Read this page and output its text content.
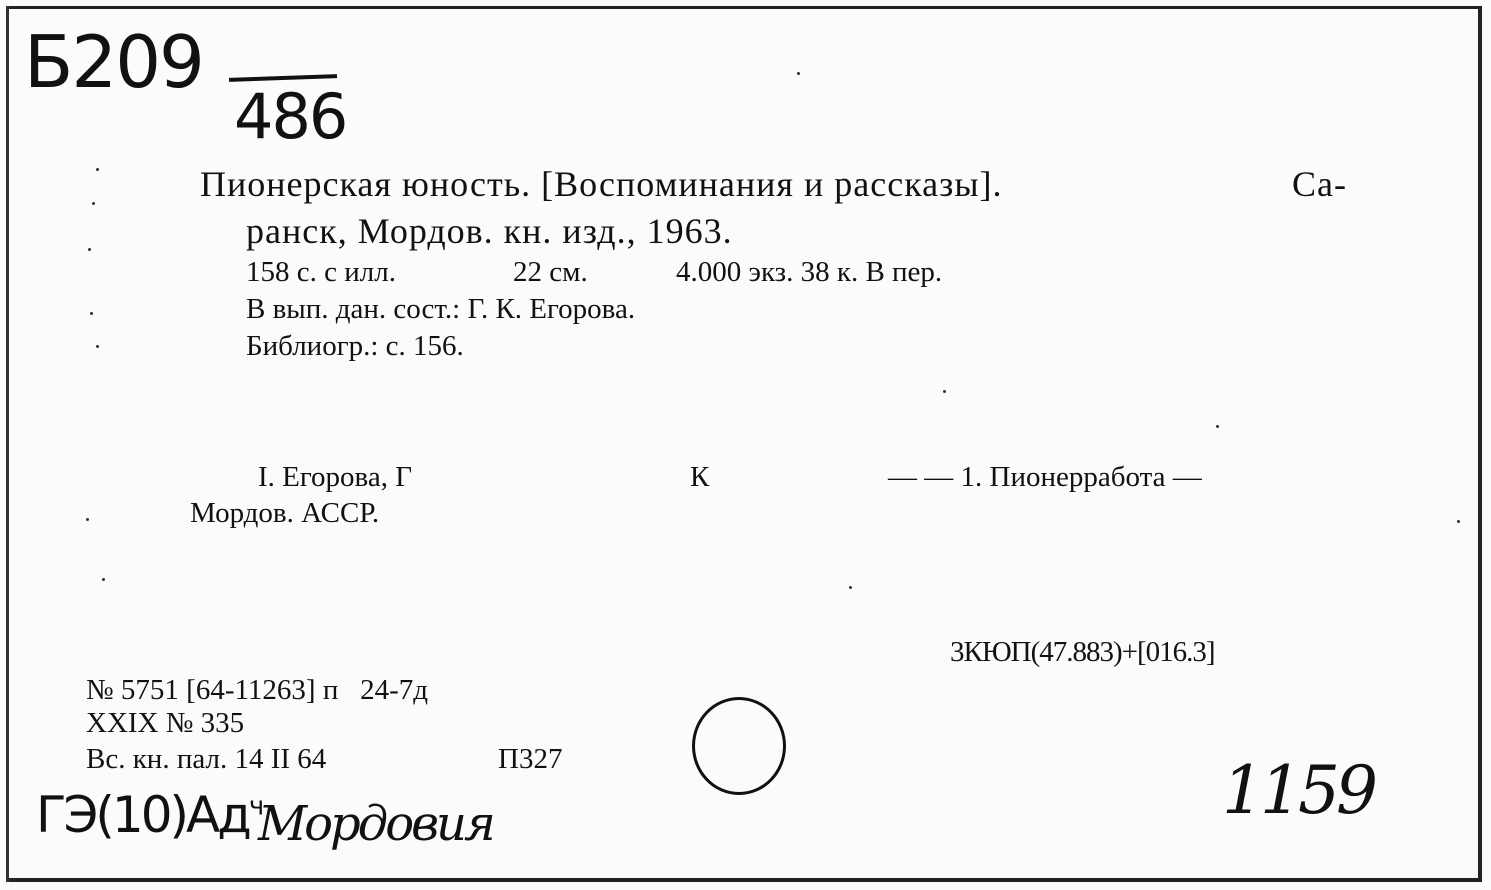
Б209
486
Пионерская юность. [Воспоминания и рассказы].	Са-
ранск, Мордов. кн. изд., 1963.
158 с. с илл.	22 см.	4.000 экз. 38 к. В пер.
В вып. дан. сост.: Г. К. Егорова.
Библиогр.: с. 156.
I. Егорова, Г	К	— — 1. Пионерработа —
Мордов. АССР.
3КЮП(47.883)+[016.3]
№ 5751 [64-11263] п   24-7д
XXIX № 335
Вс. кн. пал. 14 II 64	П327
$ГЭ(10)Ад^ч$
Мордовия	1159
